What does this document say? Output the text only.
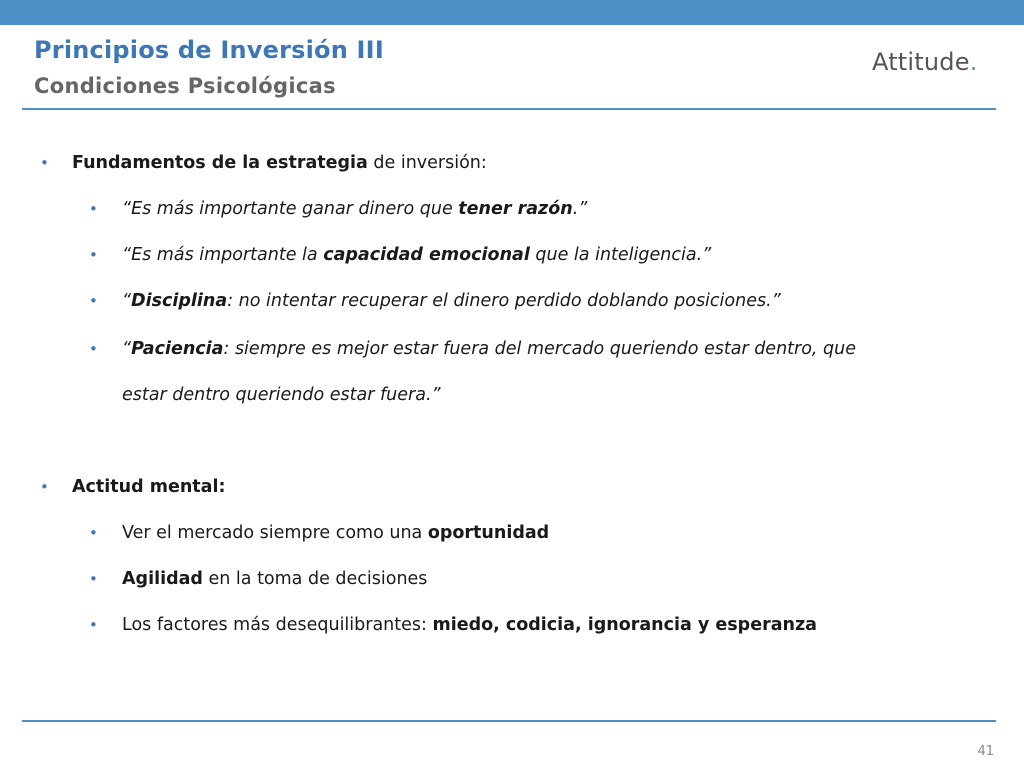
Principios de Inversión III
Condiciones Psicológicas
Attitude.
• Fundamentos de la estrategia de inversión:
• “Es más importante ganar dinero que tener razón.”
• “Es más importante la capacidad emocional que la inteligencia.”
• “Disciplina: no intentar recuperar el dinero perdido doblando posiciones.”
• “Paciencia: siempre es mejor estar fuera del mercado queriendo estar dentro, que
estar dentro queriendo estar fuera.”
• Actitud mental:
• Ver el mercado siempre como una oportunidad
• Agilidad en la toma de decisiones
• Los factores más desequilibrantes: miedo, codicia, ignorancia y esperanza
41
